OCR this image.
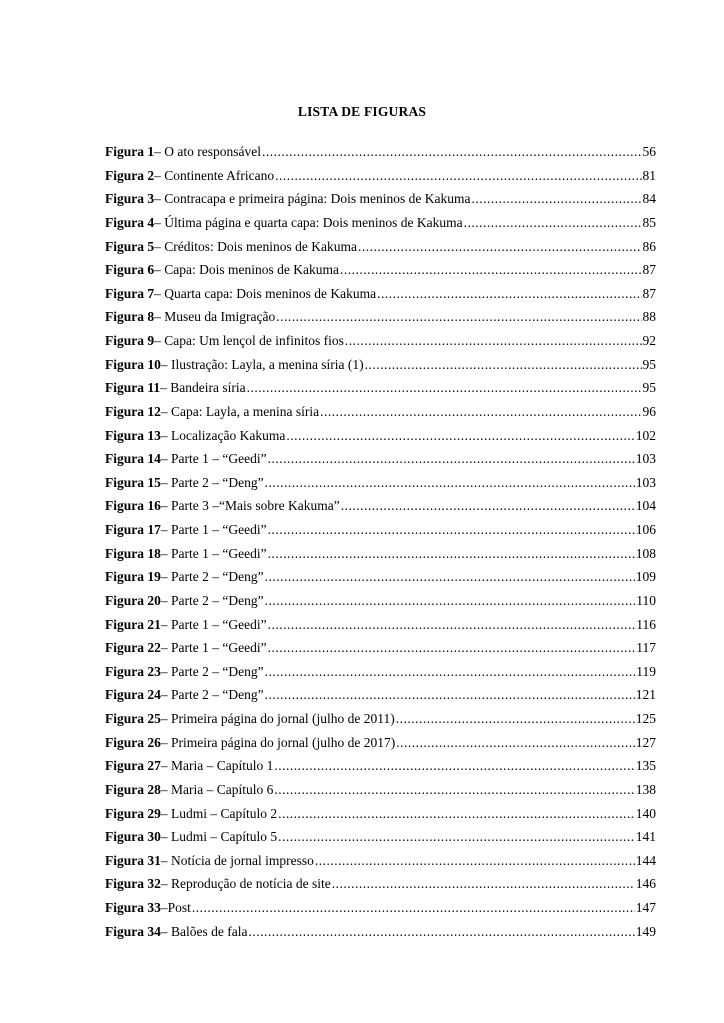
LISTA DE FIGURAS
Figura 1 – O ato responsável .....	56
Figura 2 – Continente Africano .....	81
Figura 3 – Contracapa e primeira página: Dois meninos de Kakuma .....	84
Figura 4 – Última página e quarta capa: Dois meninos de Kakuma .....	85
Figura 5 – Créditos: Dois meninos de Kakuma .....	86
Figura 6 – Capa: Dois meninos de Kakuma .....	87
Figura 7 – Quarta capa: Dois meninos de Kakuma .....	87
Figura 8 – Museu da Imigração .....	88
Figura 9 – Capa: Um lençol de infinitos fios .....	92
Figura 10 – Ilustração: Layla, a menina síria (1) .....	95
Figura 11 – Bandeira síria .....	95
Figura 12 – Capa: Layla, a menina síria .....	96
Figura 13 – Localização Kakuma .....	102
Figura 14 – Parte 1 – “Geedi” .....	103
Figura 15 – Parte 2 – “Deng” .....	103
Figura 16 – Parte 3 –“Mais sobre Kakuma” .....	104
Figura 17 – Parte 1 – “Geedi” .....	106
Figura 18 – Parte 1 – “Geedi” .....	108
Figura 19 – Parte 2 – “Deng” .....	109
Figura 20 – Parte 2 – “Deng” .....	110
Figura 21 – Parte 1 – “Geedi” .....	116
Figura 22 – Parte 1 – “Geedi” .....	117
Figura 23 – Parte 2 – “Deng” .....	119
Figura 24 – Parte 2 – “Deng” .....	121
Figura 25 – Primeira página do jornal (julho de 2011) .....	125
Figura 26 – Primeira página do jornal (julho de 2017) .....	127
Figura 27 – Maria – Capítulo 1 .....	135
Figura 28 – Maria – Capítulo 6 .....	138
Figura 29 – Ludmi – Capítulo 2 .....	140
Figura 30 – Ludmi – Capítulo 5 .....	141
Figura 31 – Notícia de jornal impresso .....	144
Figura 32 – Reprodução de notícia de site .....	146
Figura 33 –Post .....	147
Figura 34 – Balões de fala .....	149
